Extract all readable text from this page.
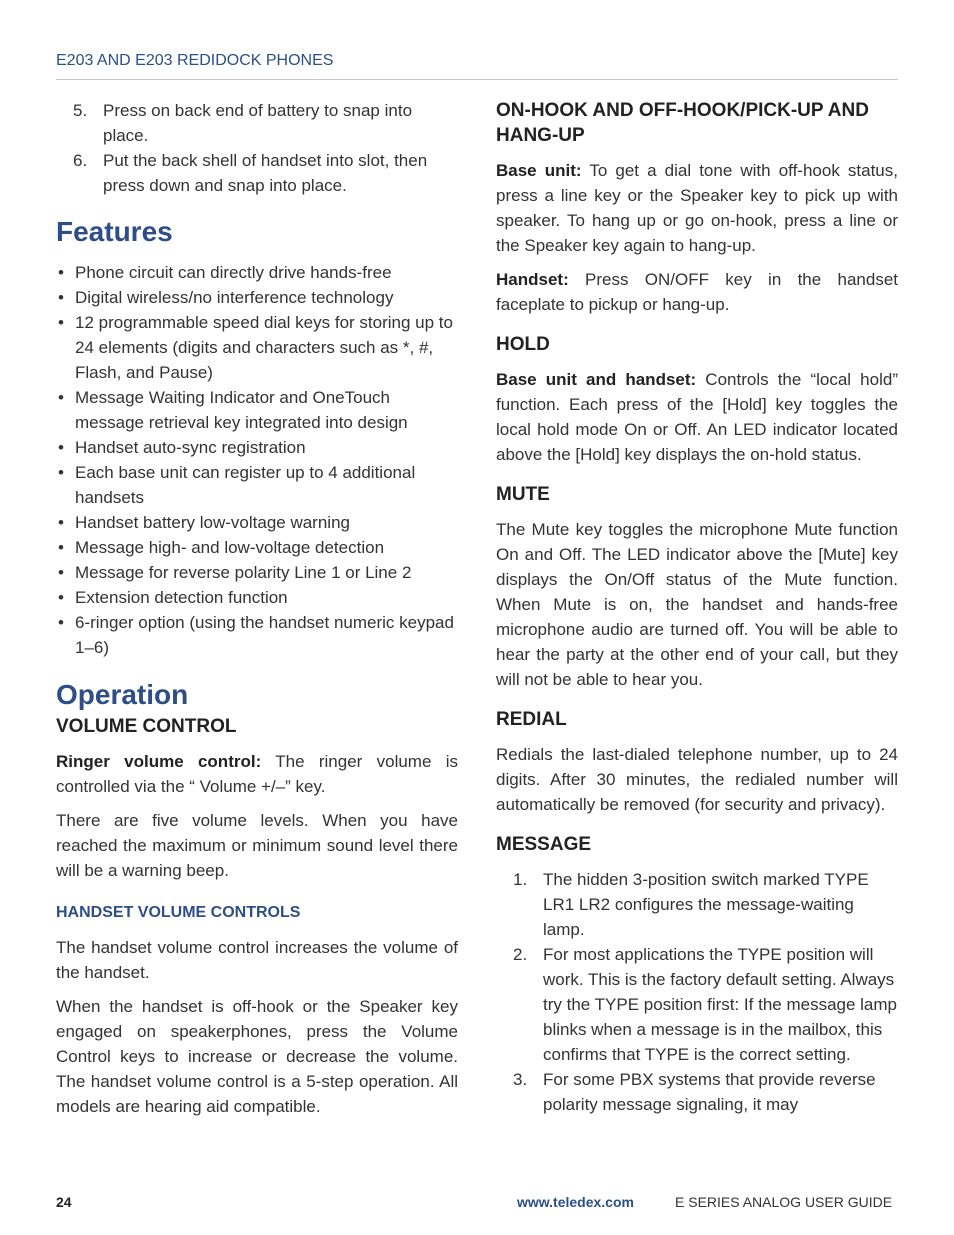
E203 AND E203 REDIDOCK PHONES
5. Press on back end of battery to snap into place.
6. Put the back shell of handset into slot, then press down and snap into place.
Features
• Phone circuit can directly drive hands-free
• Digital wireless/no interference technology
• 12 programmable speed dial keys for storing up to 24 elements (digits and characters such as *, #, Flash, and Pause)
• Message Waiting Indicator and OneTouch message retrieval key integrated into design
• Handset auto-sync registration
• Each base unit can register up to 4 additional handsets
• Handset battery low-voltage warning
• Message high- and low-voltage detection
• Message for reverse polarity Line 1 or Line 2
• Extension detection function
• 6-ringer option (using the handset numeric keypad 1–6)
Operation
VOLUME CONTROL

Ringer volume control: The ringer volume is controlled via the “ Volume +/–” key.

There are five volume levels. When you have reached the maximum or minimum sound level there will be a warning beep.

HANDSET VOLUME CONTROLS

The handset volume control increases the volume of the handset.

When the handset is off-hook or the Speaker key engaged on speakerphones, press the Volume Control keys to increase or decrease the volume. The handset volume control is a 5-step operation. All models are hearing aid compatible.

ON-HOOK AND OFF-HOOK/PICK-UP AND HANG-UP

Base unit: To get a dial tone with off-hook status, press a line key or the Speaker key to pick up with speaker. To hang up or go on-hook, press a line or the Speaker key again to hang-up.

Handset: Press ON/OFF key in the handset faceplate to pickup or hang-up.

HOLD

Base unit and handset: Controls the “local hold” function. Each press of the [Hold] key toggles the local hold mode On or Off. An LED indicator located above the [Hold] key displays the on-hold status.

MUTE

The Mute key toggles the microphone Mute function On and Off. The LED indicator above the [Mute] key displays the On/Off status of the Mute function. When Mute is on, the handset and hands-free microphone audio are turned off. You will be able to hear the party at the other end of your call, but they will not be able to hear you.

REDIAL

Redials the last-dialed telephone number, up to 24 digits. After 30 minutes, the redialed number will automatically be removed (for security and privacy).

MESSAGE
1. The hidden 3-position switch marked TYPE LR1 LR2 configures the message-waiting lamp.
2. For most applications the TYPE position will work. This is the factory default setting. Always try the TYPE position first: If the message lamp blinks when a message is in the mailbox, this confirms that TYPE is the correct setting.
3. For some PBX systems that provide reverse polarity message signaling, it may
24	www.teledex.com	E SERIES ANALOG USER GUIDE
